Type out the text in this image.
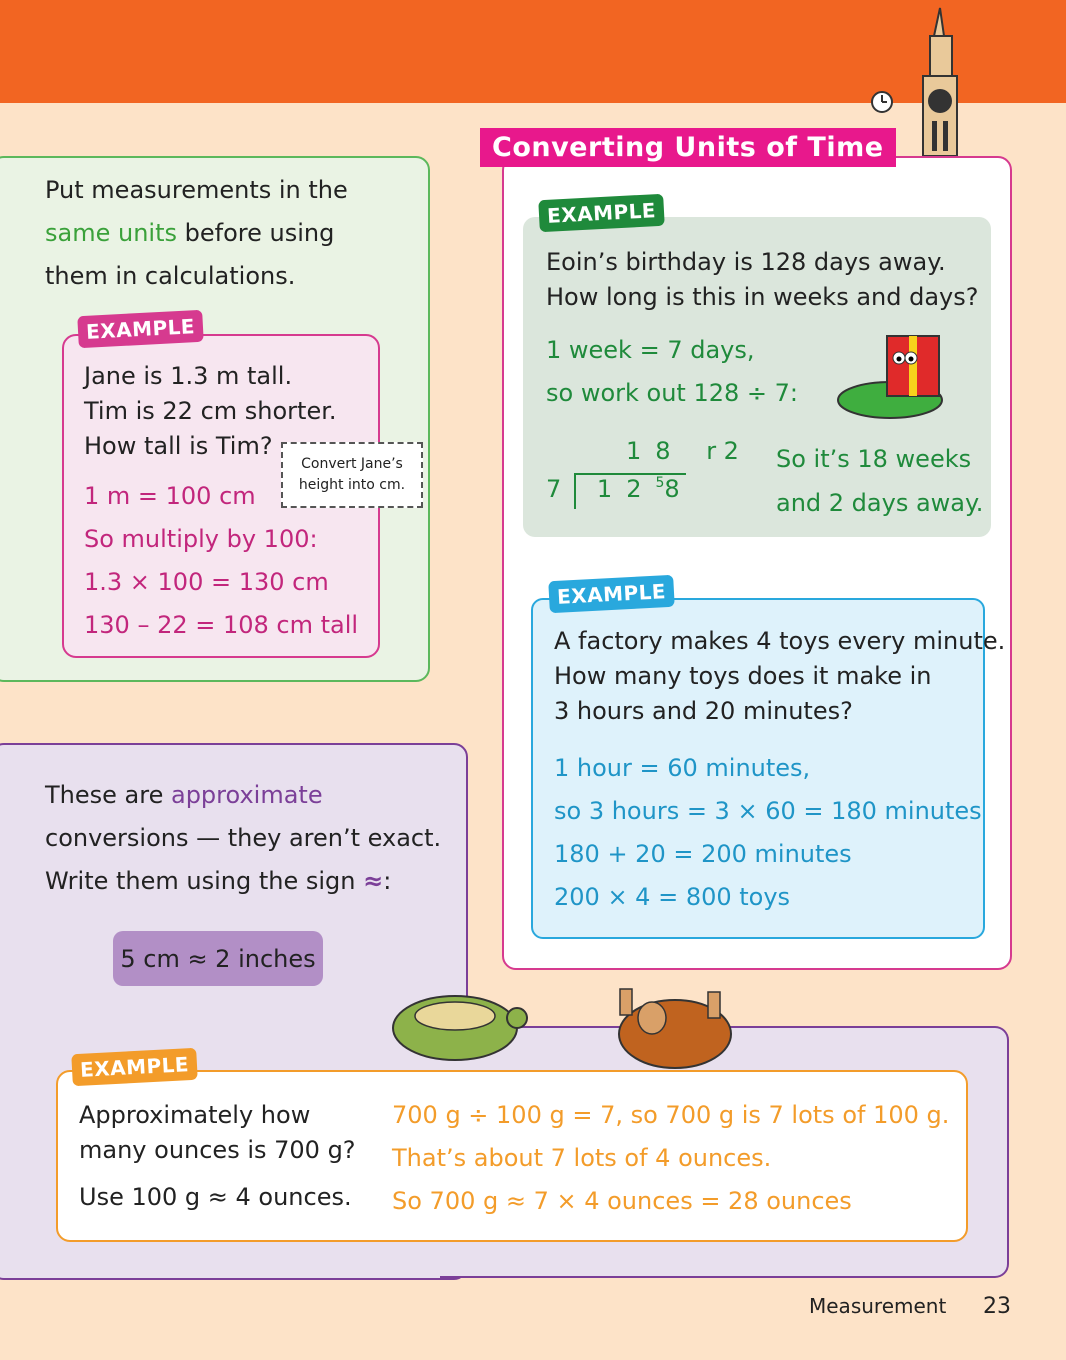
Put measurements in the
same units before using
them in calculations.
EXAMPLE
Jane is 1.3 m tall.
Tim is 22 cm shorter.
How tall is Tim?
1 m = 100 cm
So multiply by 100:
1.3 × 100 = 130 cm
130 – 22 = 108 cm tall
Convert Jane’s
height into cm.
Converting Units of Time
EXAMPLE
Eoin’s birthday is 128 days away.
How long is this in weeks and days?
1 week = 7 days,
so work out 128 ÷ 7:
18 r 2
7 $12^58$
So it’s 18 weeks
and 2 days away.
EXAMPLE
A factory makes 4 toys every minute.
How many toys does it make in
3 hours and 20 minutes?
1 hour = 60 minutes,
so 3 hours = 3 × 60 = 180 minutes
180 + 20 = 200 minutes
200 × 4 = 800 toys
These are approximate
conversions — they aren’t exact.
Write them using the sign ≈:
5 cm ≈ 2 inches
EXAMPLE
Approximately how
many ounces is 700 g?
Use 100 g ≈ 4 ounces.
700 g ÷ 100 g = 7, so 700 g is 7 lots of 100 g.
That’s about 7 lots of 4 ounces.
So 700 g ≈ 7 × 4 ounces = 28 ounces
Measurement 23
